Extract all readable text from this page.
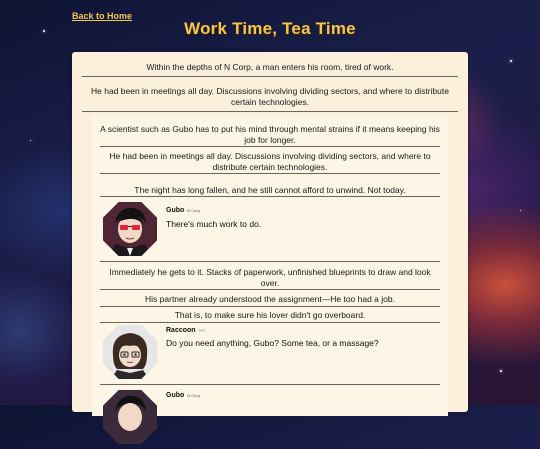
Back to Home
Work Time, Tea Time
Within the depths of N Corp, a man enters his room, tired of work.
He had been in meetings all day. Discussions involving dividing sectors, and where to distribute certain technologies.
A scientist such as Gubo has to put his mind through mental strains if it means keeping his job for longer.
He had been in meetings all day. Discussions involving dividing sectors, and where to distribute certain technologies.
The night has long fallen, and he still cannot afford to unwind. Not today.
Gubo N Corp
There's much work to do.
Immediately he gets to it. Stacks of paperwork, unfinished blueprints to draw and look over.
His partner already understood the assignment—He too had a job.
That is, to make sure his lover didn't go overboard.
Raccoon ???
Do you need anything, Gubo? Some tea, or a massage?
Gubo N Corp
